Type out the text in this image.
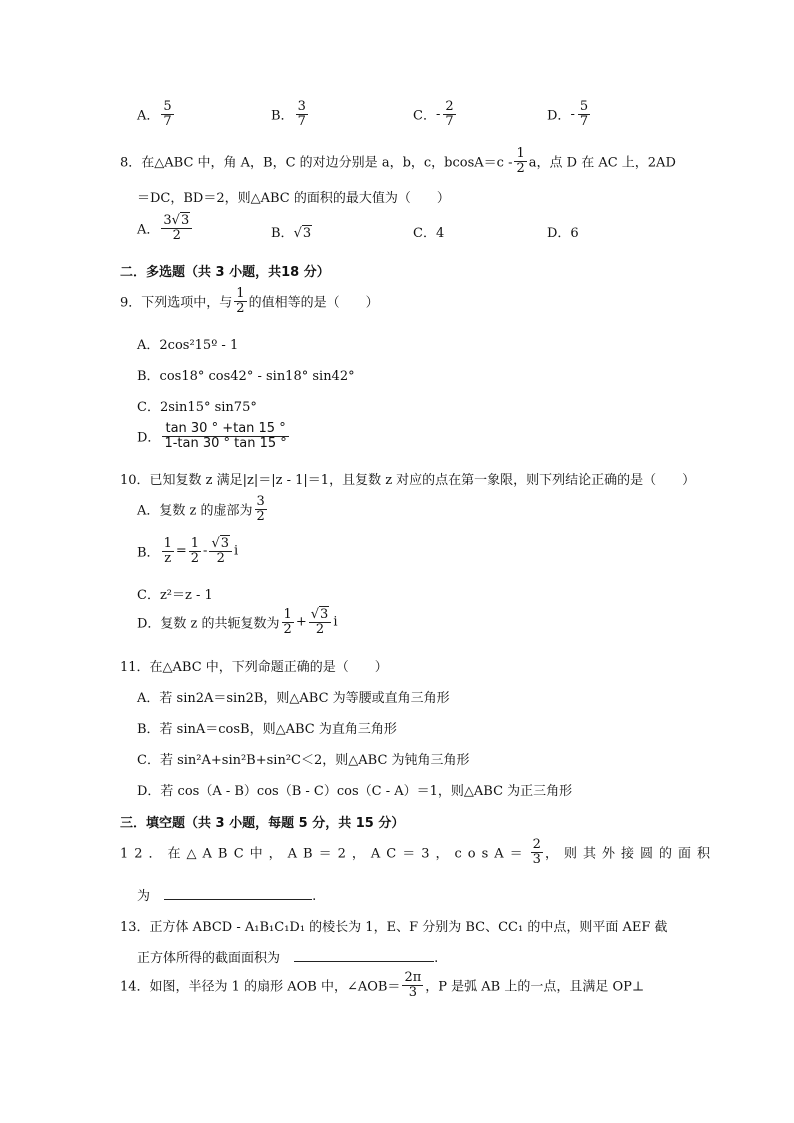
A． $\frac{5}{7}$	B． $\frac{3}{7}$	C．- $\frac{2}{7}$	D．- $\frac{5}{7}$
8．在△ABC 中，角 A，B，C 的对边分别是 a，b，c，$bcosA=c - \frac{1}{2}$ a，点 D 在 AC 上，2AD
＝DC，BD＝2，则△ABC 的面积的最大值为（　　）
A． $\frac{3√3}{2}$	B．√3	C．4	D．6
二．多选题（共 3 小题，共18 分）
9．下列选项中，与 $\frac{1}{2}$ 的值相等的是（　　）
A．2cos²15º - 1
B．cos18° cos42° - sin18° sin42°
C．2sin15° sin75°
D． $\frac{\tan 30 ^\circ +\tan 15 ^\circ}{1-\tan 30 ^\circ \tan 15 ^\circ}$
10．已知复数 z 满足|z|＝|z - 1|＝1，且复数 z 对应的点在第一象限，则下列结论正确的是（　　）
A．复数 z 的虚部为 $\frac{3}{2}$
B． $\frac{1}{z} = \frac{1}{2} - \frac{√3}{2}$ i
C．z²＝z - 1
D．复数 z 的共轭复数为 $\frac{1}{2} + \frac{√3}{2}$ i
11．在△ABC 中，下列命题正确的是（　　）
A．若 sin2A＝sin2B，则△ABC 为等腰或直角三角形
B．若 sinA＝cosB，则△ABC 为直角三角形
C．若 sin²A+sin²B+sin²C＜2，则△ABC 为钝角三角形
D．若 cos（A - B）cos（B - C）cos（C - A）＝1，则△ABC 为正三角形
三．填空题（共 3 小题，每题 5 分，共 15 分）
12．在△ABC中，AB＝2，AC＝3，$\cos A= \frac{2}{3}$ ，则其外接圆的面积
为	.
13．正方体 ABCD - A₁B₁C₁D₁ 的棱长为 1，E、F 分别为 BC、CC₁ 的中点，则平面 AEF 截
正方体所得的截面面积为	.
14．如图，半径为 1 的扇形 AOB 中，∠AOB＝ $\frac{2\pi}{3}$ ，P 是弧 AB 上的一点，且满足 OP⊥
